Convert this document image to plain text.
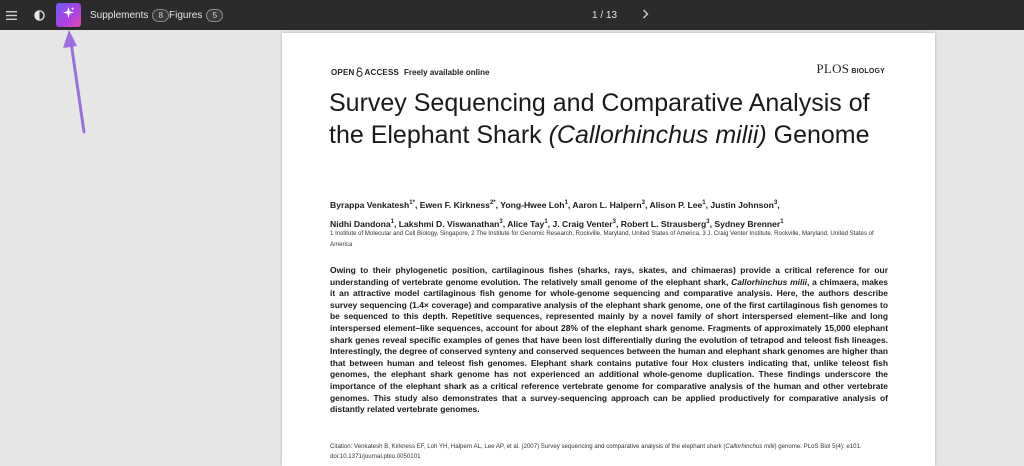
Supplements	8 Figures	5	1 / 13
OPEN ACCESS Freely available online	PLOS BIOLOGY
Survey Sequencing and Comparative Analysis of the Elephant Shark (Callorhinchus milii) Genome
Byrappa Venkatesh$^{1*}$, Ewen F. Kirkness$^{2*}$, Yong-Hwee Loh$^1$, Aaron L. Halpern$^3$, Alison P. Lee$^1$, Justin Johnson$^3$,
Nidhi Dandona$^1$, Lakshmi D. Viswanathan$^3$, Alice Tay$^1$, J. Craig Venter$^3$, Robert L. Strausberg$^3$, Sydney Brenner$^1$
1 Institute of Molecular and Cell Biology, Singapore, 2 The Institute for Genomic Research, Rockville, Maryland, United States of America, 3 J. Craig Venter Institute, Rockville, Maryland, United States of America
Owing to their phylogenetic position, cartilaginous fishes (sharks, rays, skates, and chimaeras) provide a critical reference for our understanding of vertebrate genome evolution. The relatively small genome of the elephant shark, Callorhinchus milii, a chimaera, makes it an attractive model cartilaginous fish genome for whole-genome sequencing and comparative analysis. Here, the authors describe survey sequencing (1.4× coverage) and comparative analysis of the elephant shark genome, one of the first cartilaginous fish genomes to be sequenced to this depth. Repetitive sequences, represented mainly by a novel family of short interspersed element–like and long interspersed element–like sequences, account for about 28% of the elephant shark genome. Fragments of approximately 15,000 elephant shark genes reveal specific examples of genes that have been lost differentially during the evolution of tetrapod and teleost fish lineages. Interestingly, the degree of conserved synteny and conserved sequences between the human and elephant shark genomes are higher than that between human and teleost fish genomes. Elephant shark contains putative four Hox clusters indicating that, unlike teleost fish genomes, the elephant shark genome has not experienced an additional whole-genome duplication. These findings underscore the importance of the elephant shark as a critical reference vertebrate genome for comparative analysis of the human and other vertebrate genomes. This study also demonstrates that a survey-sequencing approach can be applied productively for comparative analysis of distantly related vertebrate genomes.
Citation: Venkatesh B, Kirkness EF, Loh YH, Halpern AL, Lee AP, et al. (2007) Survey sequencing and comparative analysis of the elephant shark (Callorhinchus milii) genome. PLoS Biol 5(4): e101. doi:10.1371/journal.pbio.0050101
